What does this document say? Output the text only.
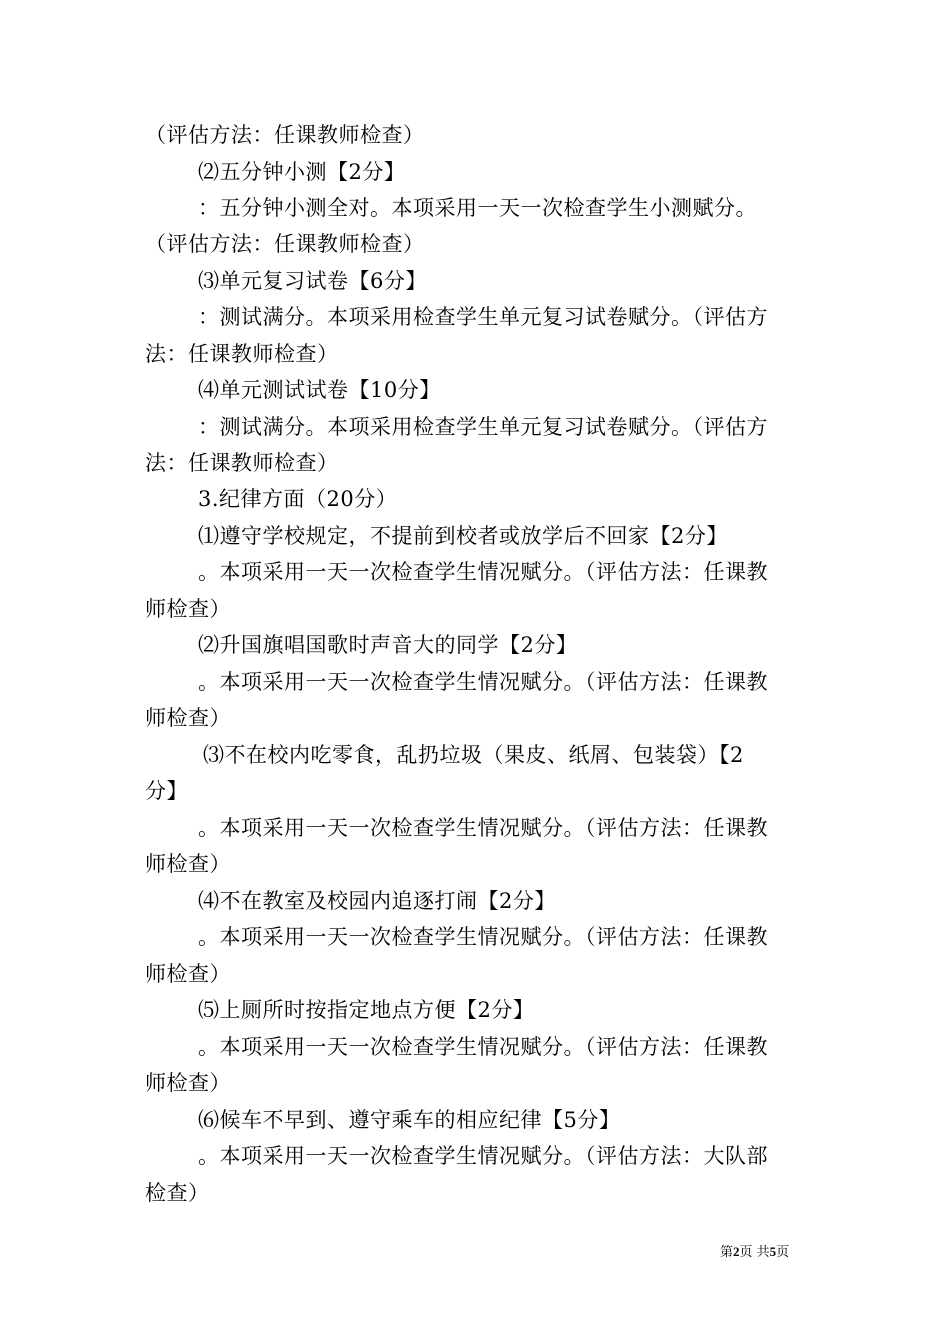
（评估方法：任课教师检查）
⑵五分钟小测【2分】
：五分钟小测全对。本项采用一天一次检查学生小测赋分。
（评估方法：任课教师检查）
⑶单元复习试卷【6分】
：测试满分。本项采用检查学生单元复习试卷赋分。（评估方
法：任课教师检查）
⑷单元测试试卷【10分】
：测试满分。本项采用检查学生单元复习试卷赋分。（评估方
法：任课教师检查）
3.纪律方面（20分）
⑴遵守学校规定，不提前到校者或放学后不回家【2分】
。本项采用一天一次检查学生情况赋分。（评估方法：任课教
师检查）
⑵升国旗唱国歌时声音大的同学【2分】
。本项采用一天一次检查学生情况赋分。（评估方法：任课教
师检查）
⑶不在校内吃零食，乱扔垃圾（果皮、纸屑、包装袋）【2
分】
。本项采用一天一次检查学生情况赋分。（评估方法：任课教
师检查）
⑷不在教室及校园内追逐打闹【2分】
。本项采用一天一次检查学生情况赋分。（评估方法：任课教
师检查）
⑸上厕所时按指定地点方便【2分】
。本项采用一天一次检查学生情况赋分。（评估方法：任课教
师检查）
⑹候车不早到、遵守乘车的相应纪律【5分】
。本项采用一天一次检查学生情况赋分。（评估方法：大队部
检查）
第2页 共5页
